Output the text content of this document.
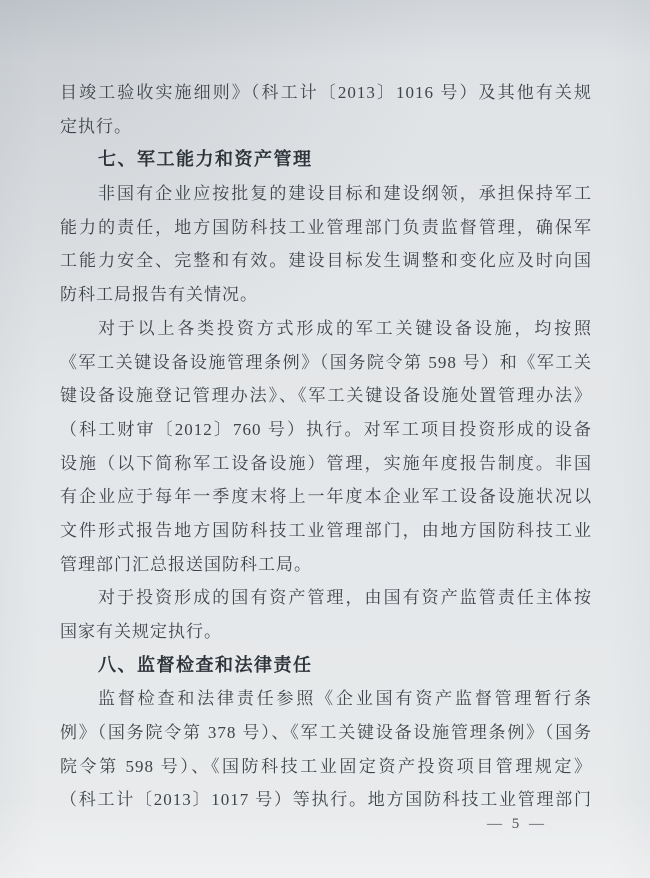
目竣工验收实施细则》（科工计〔2013〕1016 号）及其他有关规
定执行。
七、军工能力和资产管理
非国有企业应按批复的建设目标和建设纲领，承担保持军工
能力的责任，地方国防科技工业管理部门负责监督管理，确保军
工能力安全、完整和有效。建设目标发生调整和变化应及时向国
防科工局报告有关情况。
对于以上各类投资方式形成的军工关键设备设施，均按照
《军工关键设备设施管理条例》（国务院令第 598 号）和《军工关
键设备设施登记管理办法》、《军工关键设备设施处置管理办法》
（科工财审〔2012〕760 号）执行。对军工项目投资形成的设备
设施（以下简称军工设备设施）管理，实施年度报告制度。非国
有企业应于每年一季度末将上一年度本企业军工设备设施状况以
文件形式报告地方国防科技工业管理部门，由地方国防科技工业
管理部门汇总报送国防科工局。
对于投资形成的国有资产管理，由国有资产监管责任主体按
国家有关规定执行。
八、监督检查和法律责任
监督检查和法律责任参照《企业国有资产监督管理暂行条
例》（国务院令第 378 号）、《军工关键设备设施管理条例》（国务
院令第 598 号）、《国防科技工业固定资产投资项目管理规定》
（科工计〔2013〕1017 号）等执行。地方国防科技工业管理部门
— 5 —
